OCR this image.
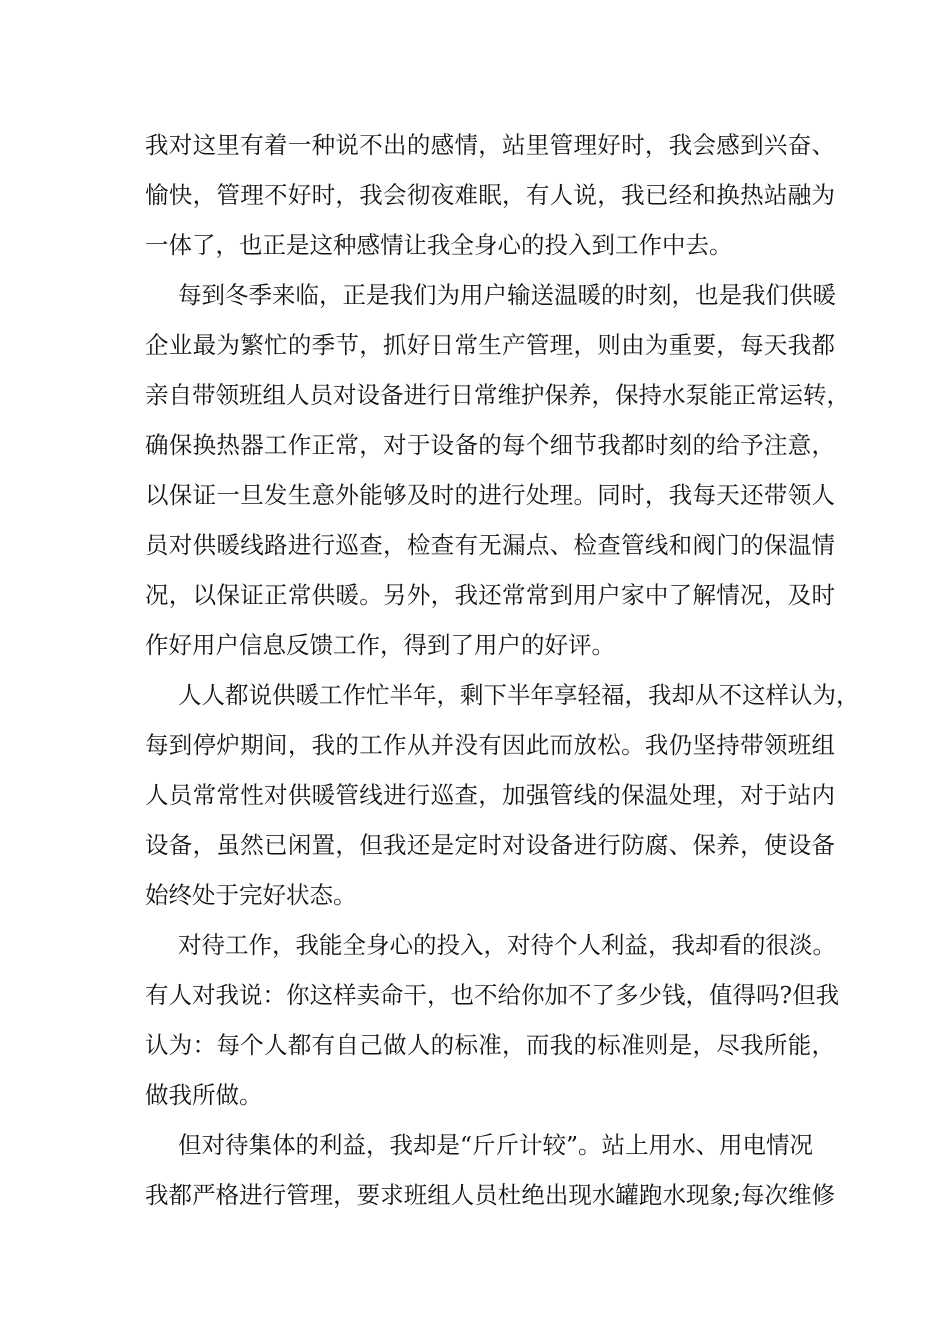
我对这里有着一种说不出的感情，站里管理好时，我会感到兴奋、
愉快，管理不好时，我会彻夜难眠，有人说，我已经和换热站融为
一体了，也正是这种感情让我全身心的投入到工作中去。
每到冬季来临，正是我们为用户输送温暖的时刻，也是我们供暖
企业最为繁忙的季节，抓好日常生产管理，则由为重要，每天我都
亲自带领班组人员对设备进行日常维护保养，保持水泵能正常运转，
确保换热器工作正常，对于设备的每个细节我都时刻的给予注意，
以保证一旦发生意外能够及时的进行处理。同时，我每天还带领人
员对供暖线路进行巡查，检查有无漏点、检查管线和阀门的保温情
况，以保证正常供暖。另外，我还常常到用户家中了解情况，及时
作好用户信息反馈工作，得到了用户的好评。
人人都说供暖工作忙半年，剩下半年享轻福，我却从不这样认为，
每到停炉期间，我的工作从并没有因此而放松。我仍坚持带领班组
人员常常性对供暖管线进行巡查，加强管线的保温处理，对于站内
设备，虽然已闲置，但我还是定时对设备进行防腐、保养，使设备
始终处于完好状态。
对待工作，我能全身心的投入，对待个人利益，我却看的很淡。
有人对我说：你这样卖命干，也不给你加不了多少钱，值得吗?但我
认为：每个人都有自己做人的标准，而我的标准则是，尽我所能，
做我所做。
但对待集体的利益，我却是“斤斤计较”。站上用水、用电情况
我都严格进行管理，要求班组人员杜绝出现水罐跑水现象;每次维修
